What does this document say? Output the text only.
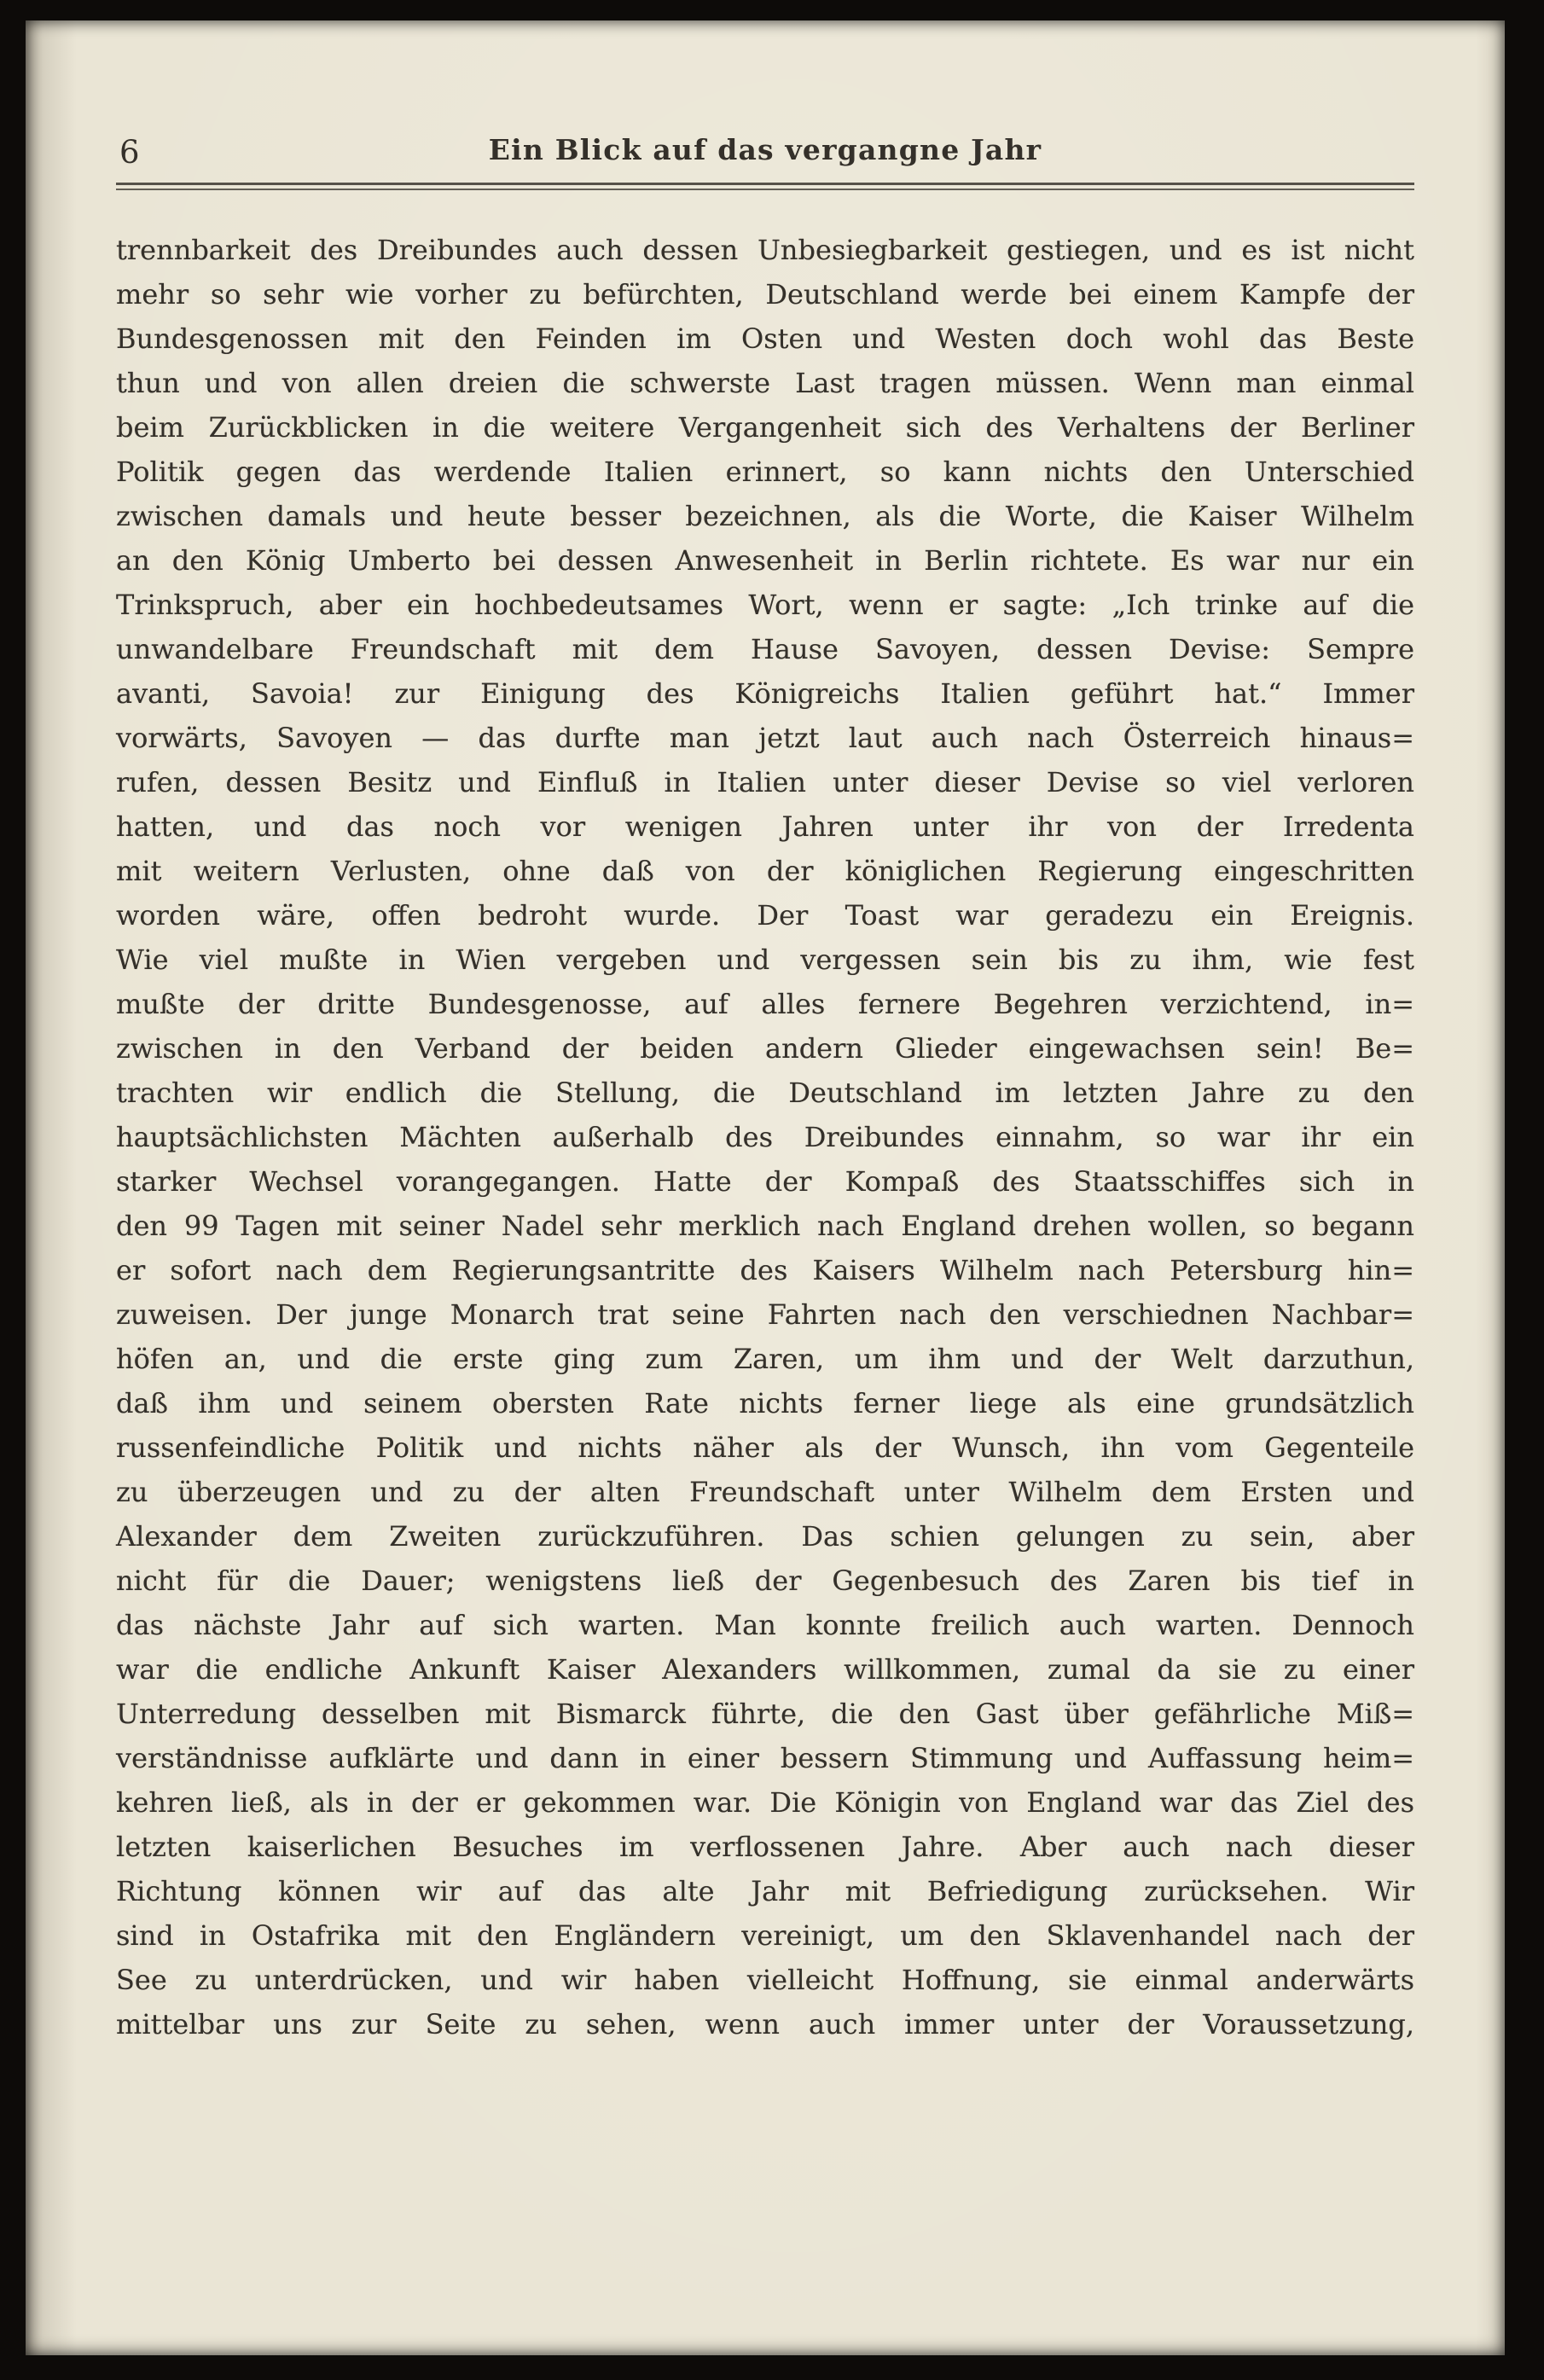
6	Ein Blick auf das vergangne Jahr
trennbarkeit des Dreibundes auch dessen Unbesiegbarkeit gestiegen, und es ist nicht
mehr so sehr wie vorher zu befürchten, Deutschland werde bei einem Kampfe der
Bundesgenossen mit den Feinden im Osten und Westen doch wohl das Beste
thun und von allen dreien die schwerste Last tragen müssen. Wenn man einmal
beim Zurückblicken in die weitere Vergangenheit sich des Verhaltens der Berliner
Politik gegen das werdende Italien erinnert, so kann nichts den Unterschied
zwischen damals und heute besser bezeichnen, als die Worte, die Kaiser Wilhelm
an den König Umberto bei dessen Anwesenheit in Berlin richtete. Es war nur ein
Trinkspruch, aber ein hochbedeutsames Wort, wenn er sagte: „Ich trinke auf die
unwandelbare Freundschaft mit dem Hause Savoyen, dessen Devise: Sempre
avanti, Savoia! zur Einigung des Königreichs Italien geführt hat.“ Immer
vorwärts, Savoyen — das durfte man jetzt laut auch nach Österreich hinaus=
rufen, dessen Besitz und Einfluß in Italien unter dieser Devise so viel verloren
hatten, und das noch vor wenigen Jahren unter ihr von der Irredenta
mit weitern Verlusten, ohne daß von der königlichen Regierung eingeschritten
worden wäre, offen bedroht wurde. Der Toast war geradezu ein Ereignis.
Wie viel mußte in Wien vergeben und vergessen sein bis zu ihm, wie fest
mußte der dritte Bundesgenosse, auf alles fernere Begehren verzichtend, in=
zwischen in den Verband der beiden andern Glieder eingewachsen sein! Be=
trachten wir endlich die Stellung, die Deutschland im letzten Jahre zu den
hauptsächlichsten Mächten außerhalb des Dreibundes einnahm, so war ihr ein
starker Wechsel vorangegangen. Hatte der Kompaß des Staatsschiffes sich in
den 99 Tagen mit seiner Nadel sehr merklich nach England drehen wollen, so begann
er sofort nach dem Regierungsantritte des Kaisers Wilhelm nach Petersburg hin=
zuweisen. Der junge Monarch trat seine Fahrten nach den verschiednen Nachbar=
höfen an, und die erste ging zum Zaren, um ihm und der Welt darzuthun,
daß ihm und seinem obersten Rate nichts ferner liege als eine grundsätzlich
russenfeindliche Politik und nichts näher als der Wunsch, ihn vom Gegenteile
zu überzeugen und zu der alten Freundschaft unter Wilhelm dem Ersten und
Alexander dem Zweiten zurückzuführen. Das schien gelungen zu sein, aber
nicht für die Dauer; wenigstens ließ der Gegenbesuch des Zaren bis tief in
das nächste Jahr auf sich warten. Man konnte freilich auch warten. Dennoch
war die endliche Ankunft Kaiser Alexanders willkommen, zumal da sie zu einer
Unterredung desselben mit Bismarck führte, die den Gast über gefährliche Miß=
verständnisse aufklärte und dann in einer bessern Stimmung und Auffassung heim=
kehren ließ, als in der er gekommen war. Die Königin von England war das Ziel des
letzten kaiserlichen Besuches im verflossenen Jahre. Aber auch nach dieser
Richtung können wir auf das alte Jahr mit Befriedigung zurücksehen. Wir
sind in Ostafrika mit den Engländern vereinigt, um den Sklavenhandel nach der
See zu unterdrücken, und wir haben vielleicht Hoffnung, sie einmal anderwärts
mittelbar uns zur Seite zu sehen, wenn auch immer unter der Voraussetzung,
